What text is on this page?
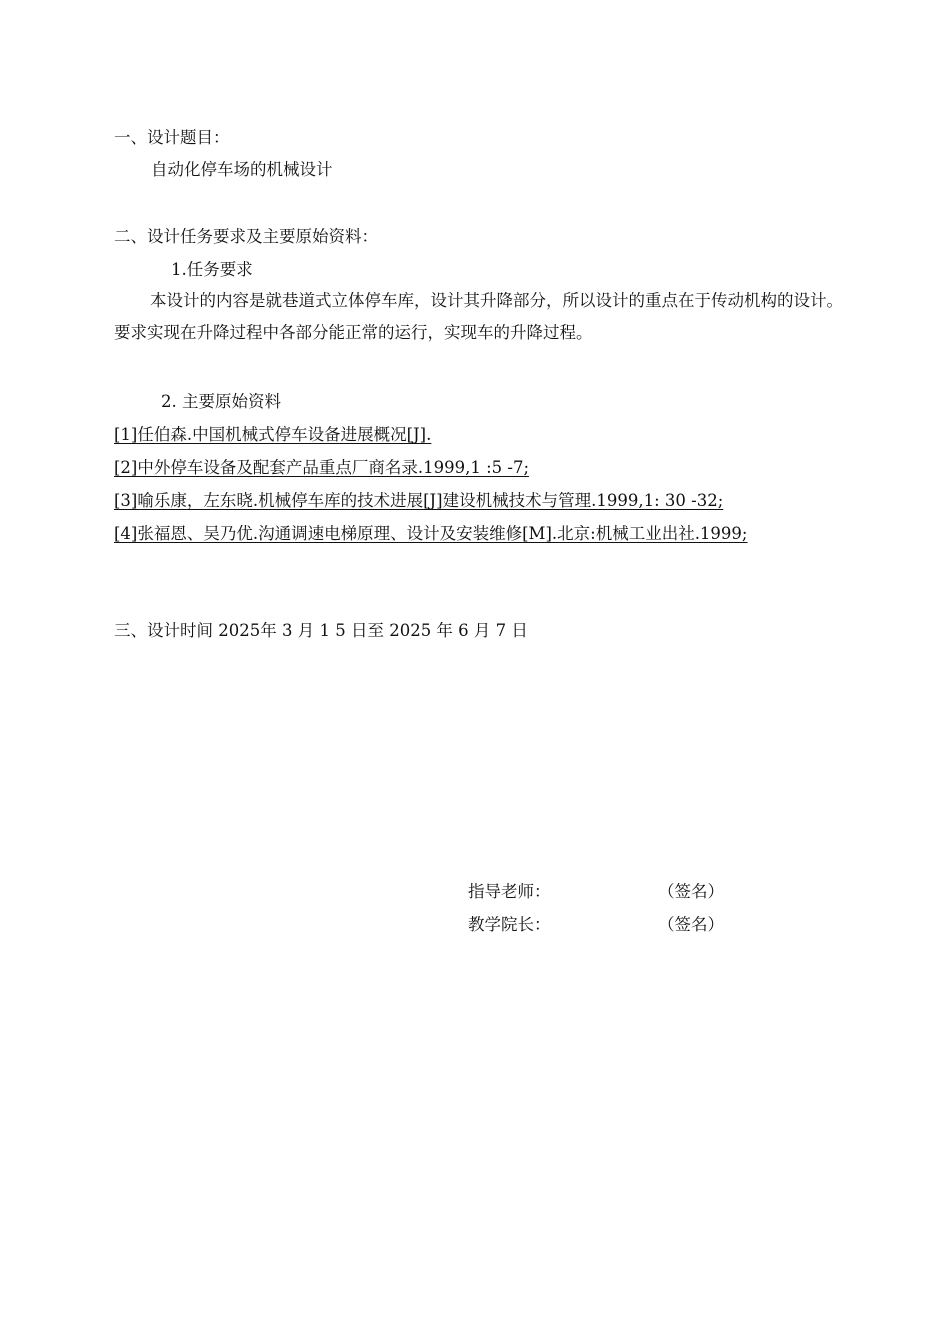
一、设计题目：
自动化停车场的机械设计
二、设计任务要求及主要原始资料：
1.任务要求
本设计的内容是就巷道式立体停车库，设计其升降部分，所以设计的重点在于传动机构的设计。要求实现在升降过程中各部分能正常的运行，实现车的升降过程。
2. 主要原始资料
[1]任伯森.中国机械式停车设备进展概况[J].
[2]中外停车设备及配套产品重点厂商名录.1999,1 :5 -7;
[3]喻乐康，左东晓.机械停车库的技术进展[J]建设机械技术与管理.1999,1: 30 -32;
[4]张福恩、吴乃优.沟通调速电梯原理、设计及安装维修[M].北京:机械工业出社.1999;
三、设计时间 2025年 3 月 1 5 日至 2025 年 6 月 7 日
指导老师：	（签名）
教学院长：	（签名）
